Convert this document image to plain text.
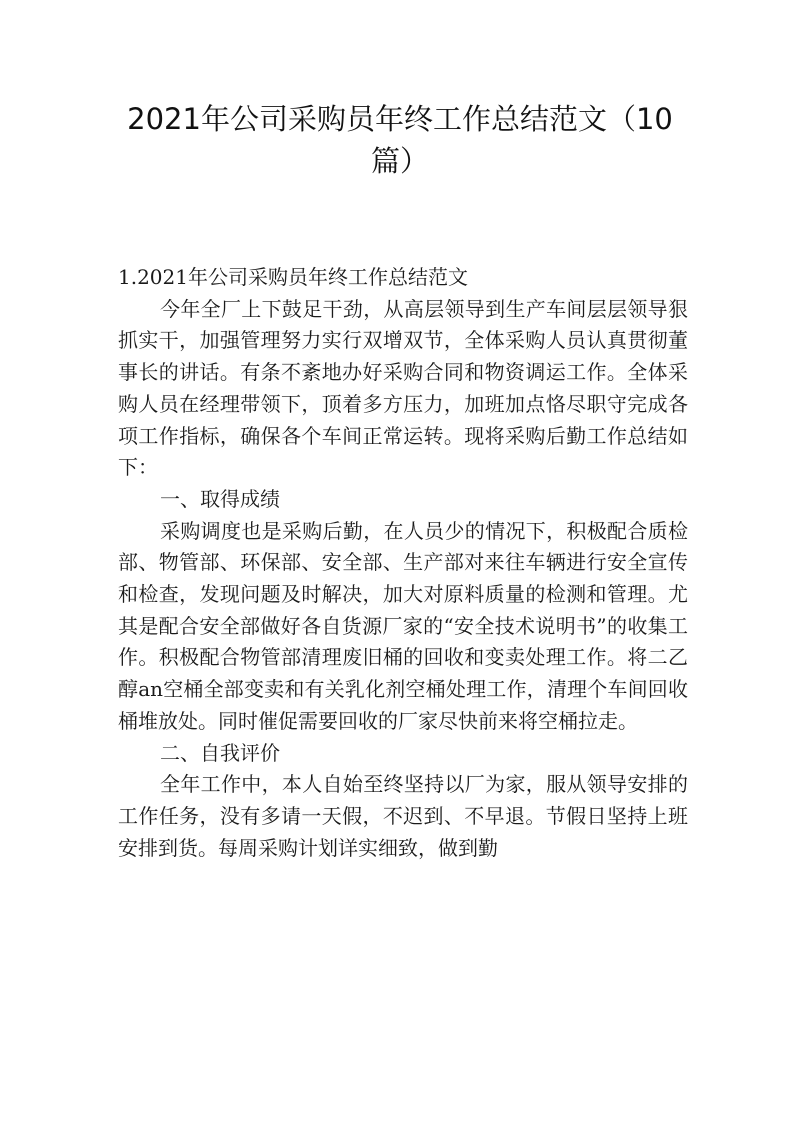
2021年公司采购员年终工作总结范文（10篇）

1.2021年公司采购员年终工作总结范文

今年全厂上下鼓足干劲，从高层领导到生产车间层层领导狠抓实干，加强管理努力实行双增双节，全体采购人员认真贯彻董事长的讲话。有条不紊地办好采购合同和物资调运工作。全体采购人员在经理带领下，顶着多方压力，加班加点恪尽职守完成各项工作指标，确保各个车间正常运转。现将采购后勤工作总结如下：

一、取得成绩

采购调度也是采购后勤，在人员少的情况下，积极配合质检部、物管部、环保部、安全部、生产部对来往车辆进行安全宣传和检查，发现问题及时解决，加大对原料质量的检测和管理。尤其是配合安全部做好各自货源厂家的“安全技术说明书”的收集工作。积极配合物管部清理废旧桶的回收和变卖处理工作。将二乙醇an空桶全部变卖和有关乳化剂空桶处理工作，清理个车间回收桶堆放处。同时催促需要回收的厂家尽快前来将空桶拉走。

二、自我评价

全年工作中，本人自始至终坚持以厂为家，服从领导安排的工作任务，没有多请一天假，不迟到、不早退。节假日坚持上班安排到货。每周采购计划详实细致，做到勤
